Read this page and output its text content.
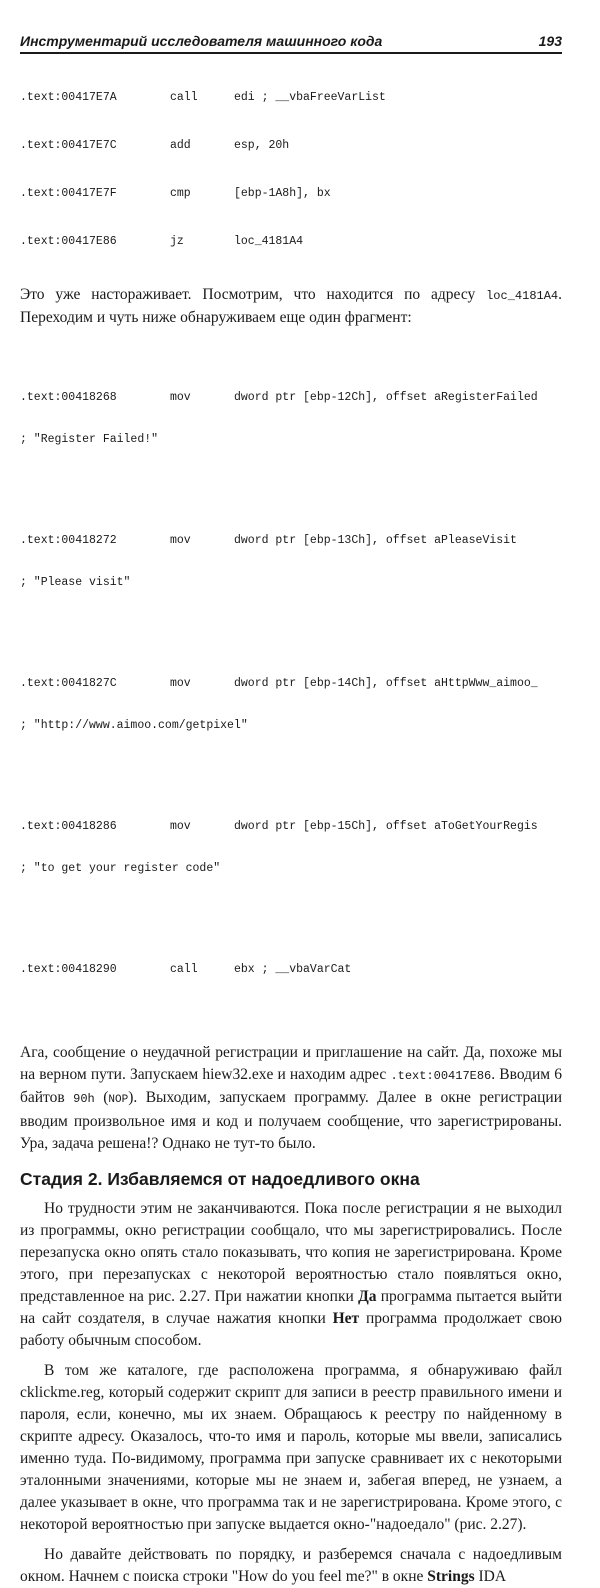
Инструментарий исследователя машинного кода	193

.text:00417E7A	call	edi ; __vbaFreeVarList

.text:00417E7C	add	esp, 20h

.text:00417E7F	cmp	[ebp-1A8h], bx

.text:00417E86	jz	loc_4181A4

Это уже настораживает. Посмотрим, что находится по адресу loc_4181A4. Переходим и чуть ниже обнаруживаем еще один фрагмент:

.text:00418268	mov	dword ptr [ebp-12Ch], offset aRegisterFailed

; "Register Failed!"

.text:00418272	mov	dword ptr [ebp-13Ch], offset aPleaseVisit

; "Please visit"

.text:0041827C	mov	dword ptr [ebp-14Ch], offset aHttpWww_aimoo_

; "http://www.aimoo.com/getpixel"

.text:00418286	mov	dword ptr [ebp-15Ch], offset aToGetYourRegis

; "to get your register code"

.text:00418290	call	ebx ; __vbaVarCat

Ага, сообщение о неудачной регистрации и приглашение на сайт. Да, похоже мы на верном пути. Запускаем hiew32.exe и находим адрес .text:00417E86. Вводим 6 байтов 90h (NOP). Выходим, запускаем программу. Далее в окне регистрации вводим произвольное имя и код и получаем сообщение, что зарегистрированы. Ура, задача решена!? Однако не тут-то было.

Стадия 2. Избавляемся от надоедливого окна

Но трудности этим не заканчиваются. Пока после регистрации я не выходил из программы, окно регистрации сообщало, что мы зарегистрировались. После перезапуска окно опять стало показывать, что копия не зарегистрирована. Кроме этого, при перезапусках с некоторой вероятностью стало появляться окно, представленное на рис. 2.27. При нажатии кнопки Да программа пытается выйти на сайт создателя, в случае нажатия кнопки Нет программа продолжает свою работу обычным способом.

В том же каталоге, где расположена программа, я обнаруживаю файл cklickme.reg, который содержит скрипт для записи в реестр правильного имени и пароля, если, конечно, мы их знаем. Обращаюсь к реестру по найденному в скрипте адресу. Оказалось, что-то имя и пароль, которые мы ввели, записались именно туда. По-видимому, программа при запуске сравнивает их с некоторыми эталонными значениями, которые мы не знаем и, забегая вперед, не узнаем, а далее указывает в окне, что программа так и не зарегистрирована. Кроме этого, с некоторой вероятностью при запуске выдается окно-"надоедало" (рис. 2.27).

Но давайте действовать по порядку, и разберемся сначала с надоедливым окном. Начнем с поиска строки "How do you feel me?" в окне Strings IDA
